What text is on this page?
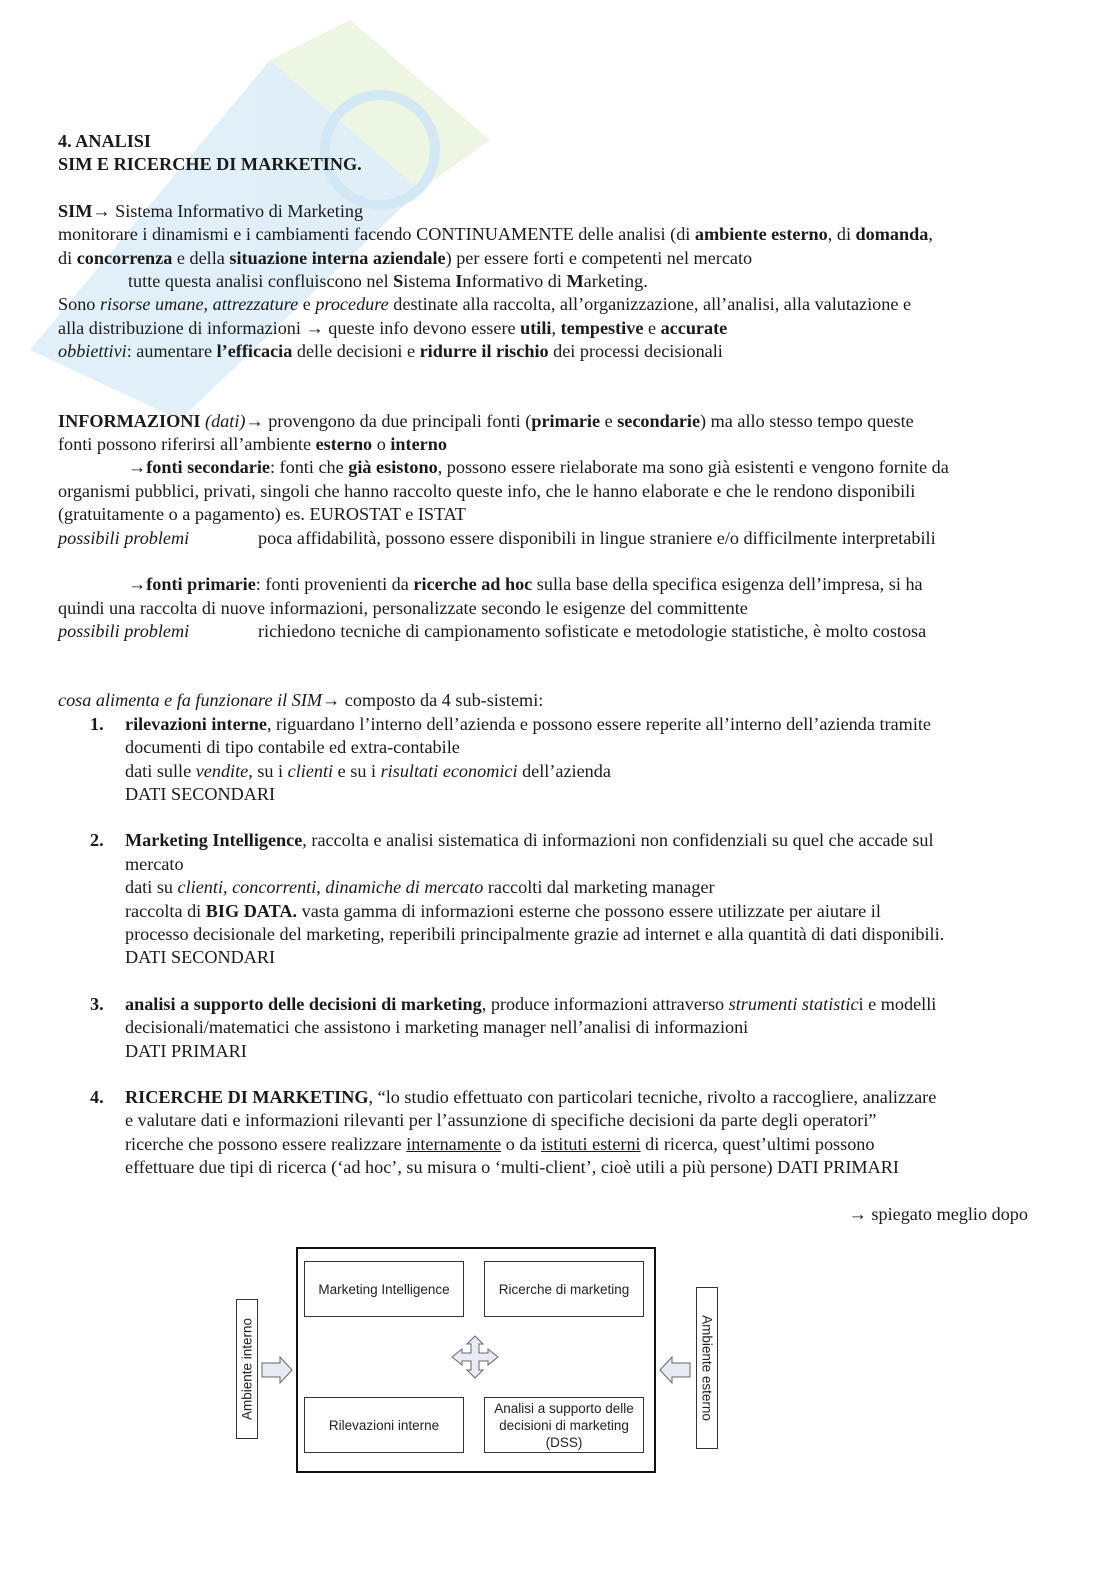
4. ANALISI

SIM E RICERCHE DI MARKETING.

SIM→ Sistema Informativo di Marketing

monitorare i dinamismi e i cambiamenti facendo CONTINUAMENTE delle analisi (di ambiente esterno, di domanda,

di concorrenza e della situazione interna aziendale) per essere forti e competenti nel mercato

tutte questa analisi confluiscono nel Sistema Informativo di Marketing.

Sono risorse umane, attrezzature e procedure destinate alla raccolta, all’organizzazione, all’analisi, alla valutazione e

alla distribuzione di informazioni → queste info devono essere utili, tempestive e accurate

obbiettivi: aumentare l’efficacia delle decisioni e ridurre il rischio dei processi decisionali

INFORMAZIONI (dati)→ provengono da due principali fonti (primarie e secondarie) ma allo stesso tempo queste

fonti possono riferirsi all’ambiente esterno o interno

→fonti secondarie: fonti che già esistono, possono essere rielaborate ma sono già esistenti e vengono fornite da

organismi pubblici, privati, singoli che hanno raccolto queste info, che le hanno elaborate e che le rendono disponibili

(gratuitamente o a pagamento) es. EUROSTAT e ISTAT

possibili problemi	poca affidabilità, possono essere disponibili in lingue straniere e/o difficilmente interpretabili

→fonti primarie: fonti provenienti da ricerche ad hoc sulla base della specifica esigenza dell’impresa, si ha

quindi una raccolta di nuove informazioni, personalizzate secondo le esigenze del committente

possibili problemi	richiedono tecniche di campionamento sofisticate e metodologie statistiche, è molto costosa

cosa alimenta e fa funzionare il SIM→ composto da 4 sub-sistemi:

1. rilevazioni interne, riguardano l’interno dell’azienda e possono essere reperite all’interno dell’azienda tramite
documenti di tipo contabile ed extra-contabile
dati sulle vendite, su i clienti e su i risultati economici dell’azienda
DATI SECONDARI
2. Marketing Intelligence, raccolta e analisi sistematica di informazioni non confidenziali su quel che accade sul
mercato
dati su clienti, concorrenti, dinamiche di mercato raccolti dal marketing manager
raccolta di BIG DATA. vasta gamma di informazioni esterne che possono essere utilizzate per aiutare il
processo decisionale del marketing, reperibili principalmente grazie ad internet e alla quantità di dati disponibili.
DATI SECONDARI
3. analisi a supporto delle decisioni di marketing, produce informazioni attraverso strumenti statistici e modelli
decisionali/matematici che assistono i marketing manager nell’analisi di informazioni
DATI PRIMARI
4. RICERCHE DI MARKETING, “lo studio effettuato con particolari tecniche, rivolto a raccogliere, analizzare
e valutare dati e informazioni rilevanti per l’assunzione di specifiche decisioni da parte degli operatori”
ricerche che possono essere realizzare internamente o da istituti esterni di ricerca, quest’ultimi possono
effettuare due tipi di ricerca (‘ad hoc’, su misura o ‘multi-client’, cioè utili a più persone) DATI PRIMARI

→ spiegato meglio dopo

Ambiente interno
Marketing Intelligence	Ricerche di marketing
Rilevazioni interne
Analisi a supporto delle decisioni di marketing (DSS)
Ambiente esterno
